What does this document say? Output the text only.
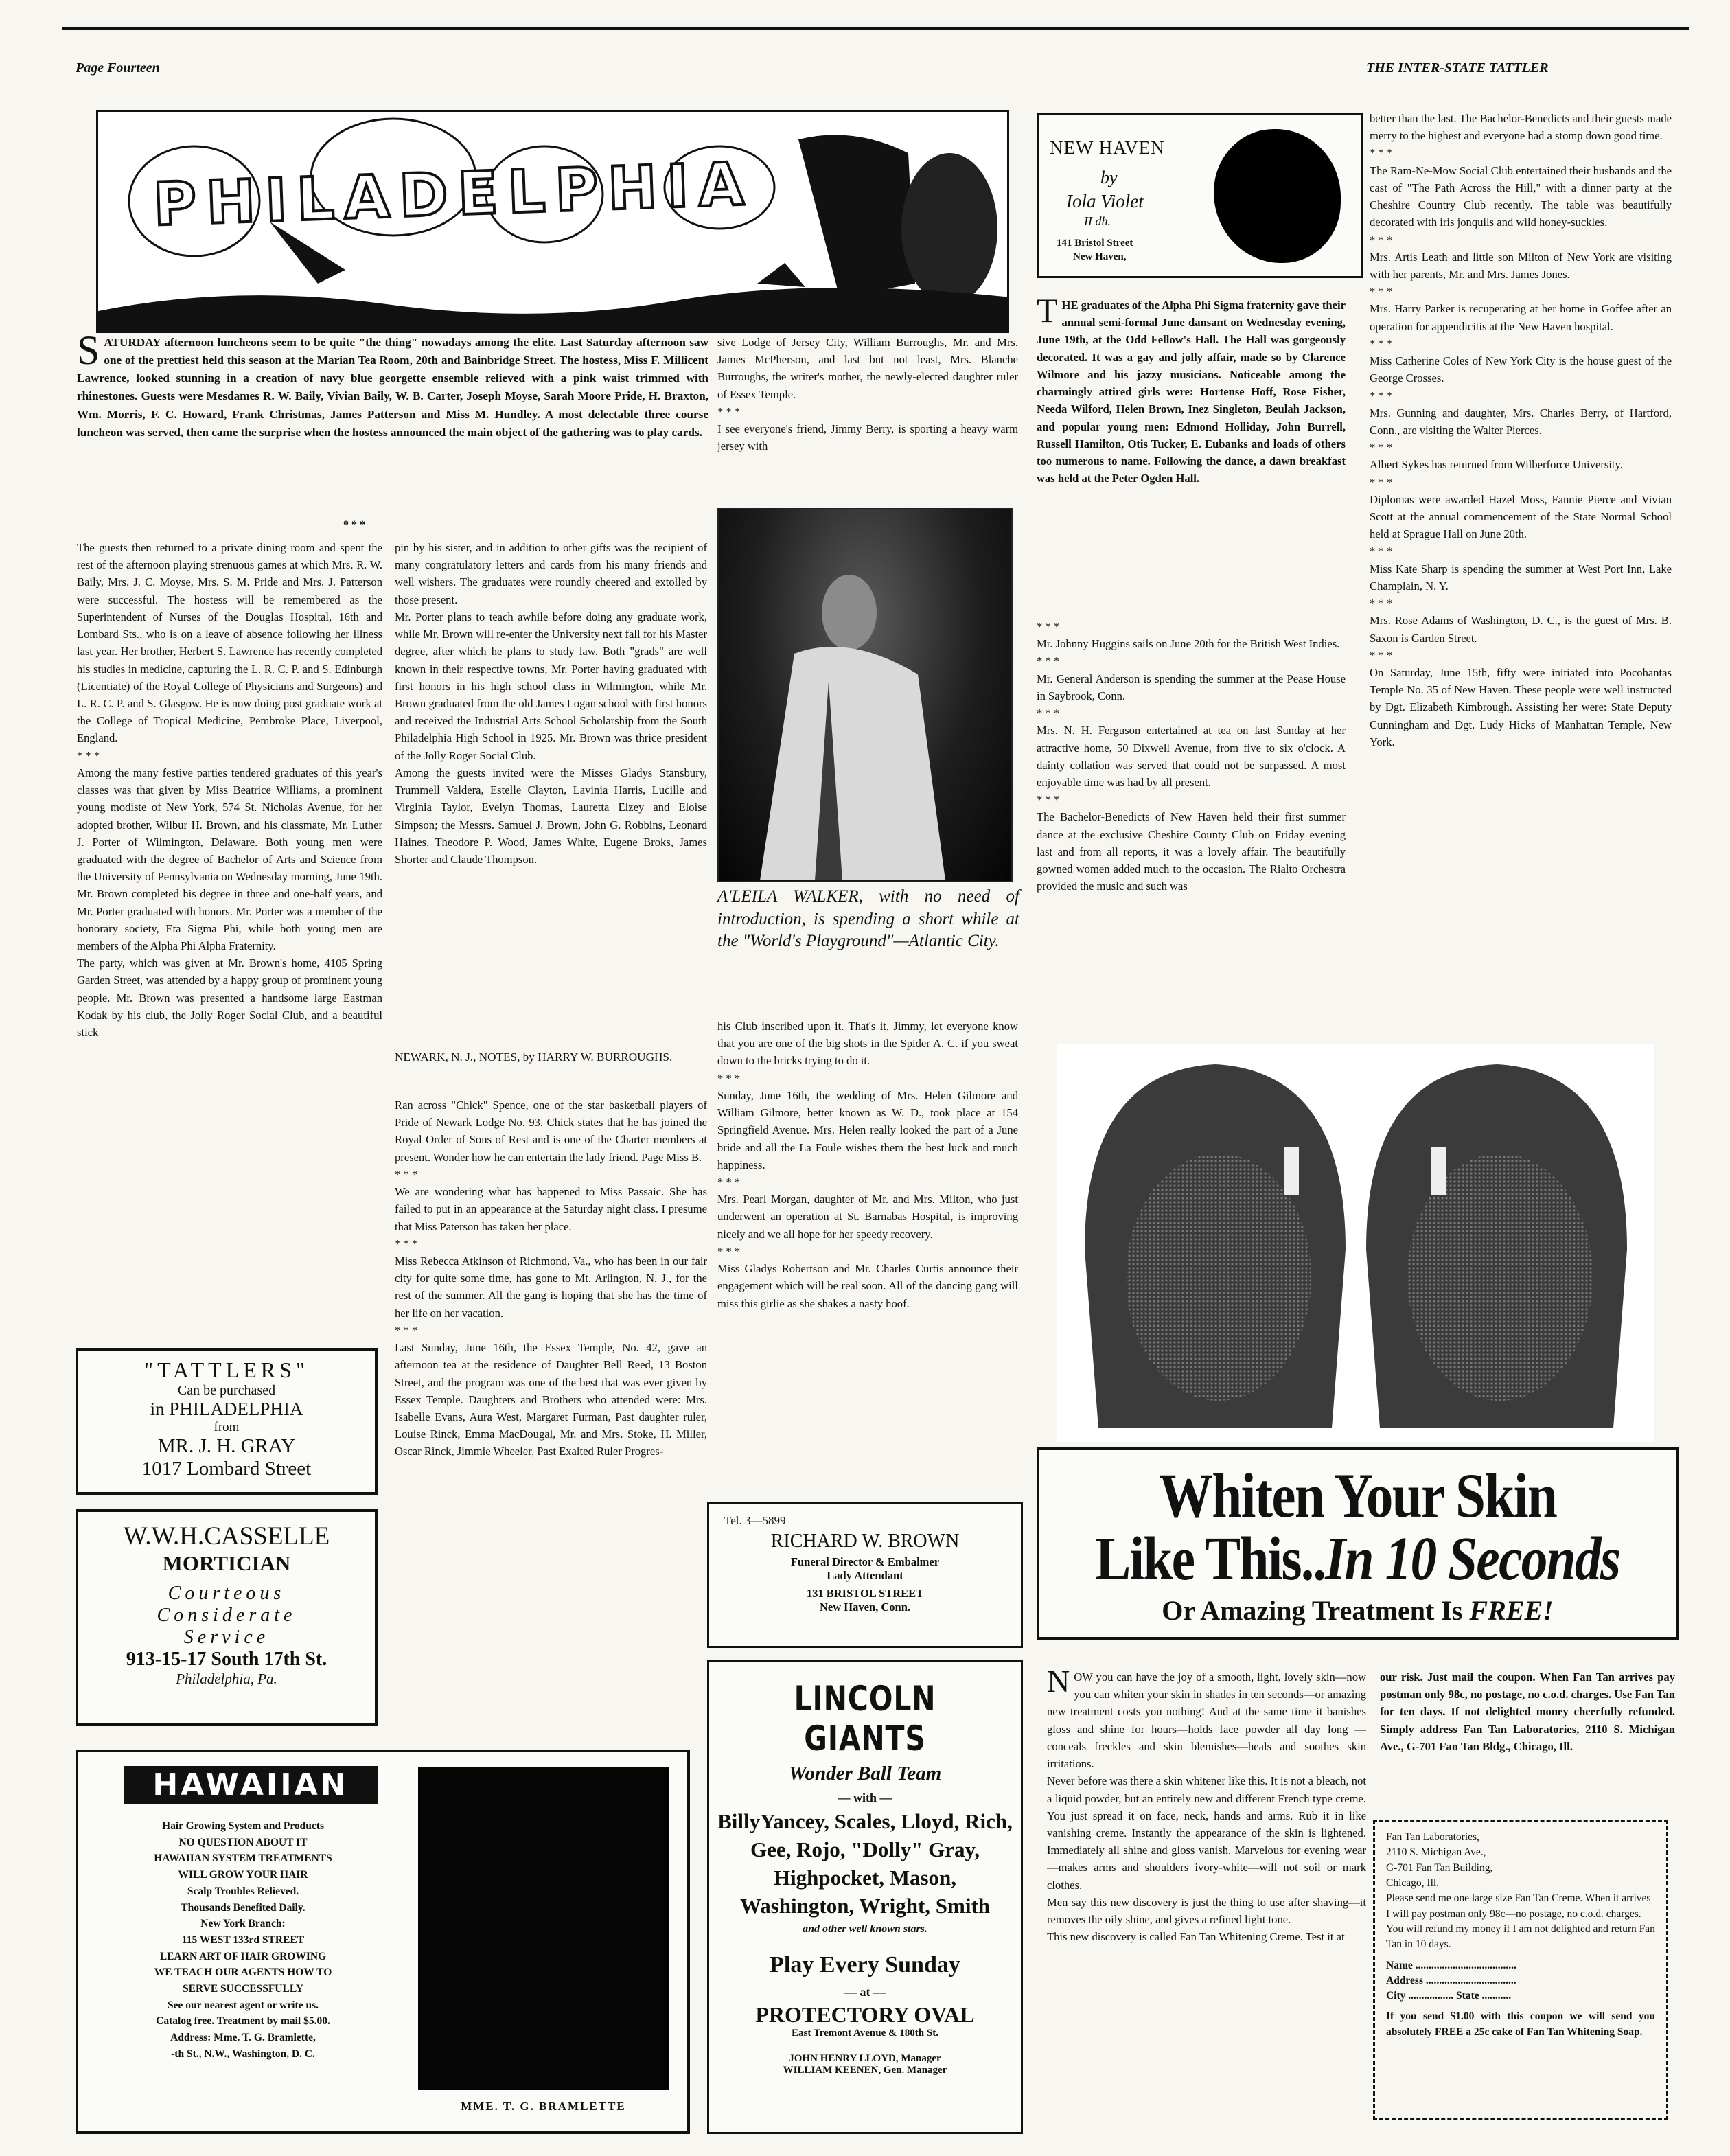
Page Fourteen	THE INTER-STATE TATTLER
PHILADELPHIA
SATURDAY afternoon luncheons seem to be quite "the thing" nowadays among the elite. Last Saturday afternoon saw one of the prettiest held this season at the Marian Tea Room, 20th and Bainbridge Street. The hostess, Miss F. Millicent Lawrence, looked stunning in a creation of navy blue georgette ensemble relieved with a pink waist trimmed with rhinestones. Guests were Mesdames R. W. Baily, Vivian Baily, W. B. Carter, Joseph Moyse, Sarah Moore Pride, H. Braxton, Wm. Morris, F. C. Howard, Frank Christmas, James Patterson and Miss M. Hundley. A most delectable three course luncheon was served, then came the surprise when the hostess announced the main object of the gathering was to play cards.
* * *
The guests then returned to a private dining room and spent the rest of the afternoon playing strenuous games at which Mrs. R. W. Baily, Mrs. J. C. Moyse, Mrs. S. M. Pride and Mrs. J. Patterson were successful. The hostess will be remembered as the Superintendent of Nurses of the Douglas Hospital, 16th and Lombard Sts., who is on a leave of absence following her illness last year. Her brother, Herbert S. Lawrence has recently completed his studies in medicine, capturing the L. R. C. P. and S. Edinburgh (Licentiate) of the Royal College of Physicians and Surgeons) and L. R. C. P. and S. Glasgow. He is now doing post graduate work at the College of Tropical Medicine, Pembroke Place, Liverpool, England.
* * *
Among the many festive parties tendered graduates of this year's classes was that given by Miss Beatrice Williams, a prominent young modiste of New York, 574 St. Nicholas Avenue, for her adopted brother, Wilbur H. Brown, and his classmate, Mr. Luther J. Porter of Wilmington, Delaware. Both young men were graduated with the degree of Bachelor of Arts and Science from the University of Pennsylvania on Wednesday morning, June 19th. Mr. Brown completed his degree in three and one-half years, and Mr. Porter graduated with honors. Mr. Porter was a member of the honorary society, Eta Sigma Phi, while both young men are members of the Alpha Phi Alpha Fraternity.
The party, which was given at Mr. Brown's home, 4105 Spring Garden Street, was attended by a happy group of prominent young people. Mr. Brown was presented a handsome large Eastman Kodak by his club, the Jolly Roger Social Club, and a beautiful stick
pin by his sister, and in addition to other gifts was the recipient of many congratulatory letters and cards from his many friends and well wishers. The graduates were roundly cheered and extolled by those present.
Mr. Porter plans to teach awhile before doing any graduate work, while Mr. Brown will re-enter the University next fall for his Master degree, after which he plans to study law. Both "grads" are well known in their respective towns, Mr. Porter having graduated with first honors in his high school class in Wilmington, while Mr. Brown graduated from the old James Logan school with first honors and received the Industrial Arts School Scholarship from the South Philadelphia High School in 1925. Mr. Brown was thrice president of the Jolly Roger Social Club.
Among the guests invited were the Misses Gladys Stansbury, Trummell Valdera, Estelle Clayton, Lavinia Harris, Lucille and Virginia Taylor, Evelyn Thomas, Lauretta Elzey and Eloise Simpson; the Messrs. Samuel J. Brown, John G. Robbins, Leonard Haines, Theodore P. Wood, James White, Eugene Broks, James Shorter and Claude Thompson.
sive Lodge of Jersey City, William Burroughs, Mr. and Mrs. James McPherson, and last but not least, Mrs. Blanche Burroughs, the writer's mother, the newly-elected daughter ruler of Essex Temple.
* * *
I see everyone's friend, Jimmy Berry, is sporting a heavy warm jersey with
A'LEILA WALKER, with no need of introduction, is spending a short while at the "World's Playground"—Atlantic City.
NEWARK, N. J., NOTES, by HARRY W. BURROUGHS.
Ran across "Chick" Spence, one of the star basketball players of Pride of Newark Lodge No. 93. Chick states that he has joined the Royal Order of Sons of Rest and is one of the Charter members at present. Wonder how he can entertain the lady friend. Page Miss B.
* * *
We are wondering what has happened to Miss Passaic. She has failed to put in an appearance at the Saturday night class. I presume that Miss Paterson has taken her place.
* * *
Miss Rebecca Atkinson of Richmond, Va., who has been in our fair city for quite some time, has gone to Mt. Arlington, N. J., for the rest of the summer. All the gang is hoping that she has the time of her life on her vacation.
* * *
Last Sunday, June 16th, the Essex Temple, No. 42, gave an afternoon tea at the residence of Daughter Bell Reed, 13 Boston Street, and the program was one of the best that was ever given by Essex Temple. Daughters and Brothers who attended were: Mrs. Isabelle Evans, Aura West, Margaret Furman, Past daughter ruler, Louise Rinck, Emma MacDougal, Mr. and Mrs. Stoke, H. Miller, Oscar Rinck, Jimmie Wheeler, Past Exalted Ruler Progres-
his Club inscribed upon it. That's it, Jimmy, let everyone know that you are one of the big shots in the Spider A. C. if you sweat down to the bricks trying to do it.
* * *
Sunday, June 16th, the wedding of Mrs. Helen Gilmore and William Gilmore, better known as W. D., took place at 154 Springfield Avenue. Mrs. Helen really looked the part of a June bride and all the La Foule wishes them the best luck and much happiness.
* * *
Mrs. Pearl Morgan, daughter of Mr. and Mrs. Milton, who just underwent an operation at St. Barnabas Hospital, is improving nicely and we all hope for her speedy recovery.
* * *
Miss Gladys Robertson and Mr. Charles Curtis announce their engagement which will be real soon. All of the dancing gang will miss this girlie as she shakes a nasty hoof.
NEW HAVEN
by
Iola Violet
II dh.
141 Bristol Street
New Haven,
THE graduates of the Alpha Phi Sigma fraternity gave their annual semi-formal June dansant on Wednesday evening, June 19th, at the Odd Fellow's Hall. The Hall was gorgeously decorated. It was a gay and jolly affair, made so by Clarence Wilmore and his jazzy musicians. Noticeable among the charmingly attired girls were: Hortense Hoff, Rose Fisher, Needa Wilford, Helen Brown, Inez Singleton, Beulah Jackson, and popular young men: Edmond Holliday, John Burrell, Russell Hamilton, Otis Tucker, E. Eubanks and loads of others too numerous to name. Following the dance, a dawn breakfast was held at the Peter Ogden Hall.
* * *
Mr. Johnny Huggins sails on June 20th for the British West Indies.
* * *
Mr. General Anderson is spending the summer at the Pease House in Saybrook, Conn.
* * *
Mrs. N. H. Ferguson entertained at tea on last Sunday at her attractive home, 50 Dixwell Avenue, from five to six o'clock. A dainty collation was served that could not be surpassed. A most enjoyable time was had by all present.
* * *
The Bachelor-Benedicts of New Haven held their first summer dance at the exclusive Cheshire County Club on Friday evening last and from all reports, it was a lovely affair. The beautifully gowned women added much to the occasion. The Rialto Orchestra provided the music and such was
better than the last. The Bachelor-Benedicts and their guests made merry to the highest and everyone had a stomp down good time.
* * *
The Ram-Ne-Mow Social Club entertained their husbands and the cast of "The Path Across the Hill," with a dinner party at the Cheshire Country Club recently. The table was beautifully decorated with iris jonquils and wild honey-suckles.
* * *
Mrs. Artis Leath and little son Milton of New York are visiting with her parents, Mr. and Mrs. James Jones.
* * *
Mrs. Harry Parker is recuperating at her home in Goffee after an operation for appendicitis at the New Haven hospital.
* * *
Miss Catherine Coles of New York City is the house guest of the George Crosses.
* * *
Mrs. Gunning and daughter, Mrs. Charles Berry, of Hartford, Conn., are visiting the Walter Pierces.
* * *
Albert Sykes has returned from Wilberforce University.
* * *
Diplomas were awarded Hazel Moss, Fannie Pierce and Vivian Scott at the annual commencement of the State Normal School held at Sprague Hall on June 20th.
* * *
Miss Kate Sharp is spending the summer at West Port Inn, Lake Champlain, N. Y.
* * *
Mrs. Rose Adams of Washington, D. C., is the guest of Mrs. B. Saxon is Garden Street.
* * *
On Saturday, June 15th, fifty were initiated into Pocohantas Temple No. 35 of New Haven. These people were well instructed by Dgt. Elizabeth Kimbrough. Assisting her were: State Deputy Cunningham and Dgt. Ludy Hicks of Manhattan Temple, New York.
"TATTLERS"
Can be purchased
in PHILADELPHIA
from
MR. J. H. GRAY
1017 Lombard Street
W.W.H.CASSELLE
MORTICIAN
Courteous
Considerate
Service
913-15-17 South 17th St.
Philadelphia, Pa.
HAWAIIAN
Hair Growing System and Products
NO QUESTION ABOUT IT
HAWAIIAN SYSTEM TREATMENTS
WILL GROW YOUR HAIR
Scalp Troubles Relieved.
Thousands Benefited Daily.
New York Branch:
115 WEST 133rd STREET
LEARN ART OF HAIR GROWING
WE TEACH OUR AGENTS HOW TO
SERVE SUCCESSFULLY
See our nearest agent or write us.
Catalog free. Treatment by mail $5.00.
Address: Mme. T. G. Bramlette,
-th St., N.W., Washington, D. C.
MME. T. G. BRAMLETTE
Tel. 3—5899
RICHARD W. BROWN
Funeral Director & Embalmer
Lady Attendant
131 BRISTOL STREET
New Haven, Conn.
LINCOLN GIANTS
Wonder Ball Team
— with —
BillyYancey, Scales, Lloyd, Rich, Gee, Rojo, "Dolly" Gray, Highpocket, Mason, Washington, Wright, Smith
and other well known stars.
Play Every Sunday
— at —
PROTECTORY OVAL
East Tremont Avenue & 180th St.
JOHN HENRY LLOYD, Manager
WILLIAM KEENEN, Gen. Manager
Whiten Your Skin
Like This..In 10 Seconds
Or Amazing Treatment Is FREE!
NOW you can have the joy of a smooth, light, lovely skin—now you can whiten your skin in shades in ten seconds—or amazing new treatment costs you nothing! And at the same time it banishes gloss and shine for hours—holds face powder all day long — conceals freckles and skin blemishes—heals and soothes skin irritations.
Never before was there a skin whitener like this. It is not a bleach, not a liquid powder, but an entirely new and different French type creme. You just spread it on face, neck, hands and arms. Rub it in like vanishing creme. Instantly the appearance of the skin is lightened. Immediately all shine and gloss vanish. Marvelous for evening wear—makes arms and shoulders ivory-white—will not soil or mark clothes.
Men say this new discovery is just the thing to use after shaving—it removes the oily shine, and gives a refined light tone.
This new discovery is called Fan Tan Whitening Creme. Test it at
our risk. Just mail the coupon. When Fan Tan arrives pay postman only 98c, no postage, no c.o.d. charges. Use Fan Tan for ten days. If not delighted money cheerfully refunded. Simply address Fan Tan Laboratories, 2110 S. Michigan Ave., G-701 Fan Tan Bldg., Chicago, Ill.
Fan Tan Laboratories,
2110 S. Michigan Ave.,
G-701 Fan Tan Building,
Chicago, Ill.
Please send me one large size Fan Tan Creme. When it arrives I will pay postman only 98c—no postage, no c.o.d. charges. You will refund my money if I am not delighted and return Fan Tan in 10 days.
Name ......................................
Address ..................................
City ................. State ...........
If you send $1.00 with this coupon we will send you absolutely FREE a 25c cake of Fan Tan Whitening Soap.
